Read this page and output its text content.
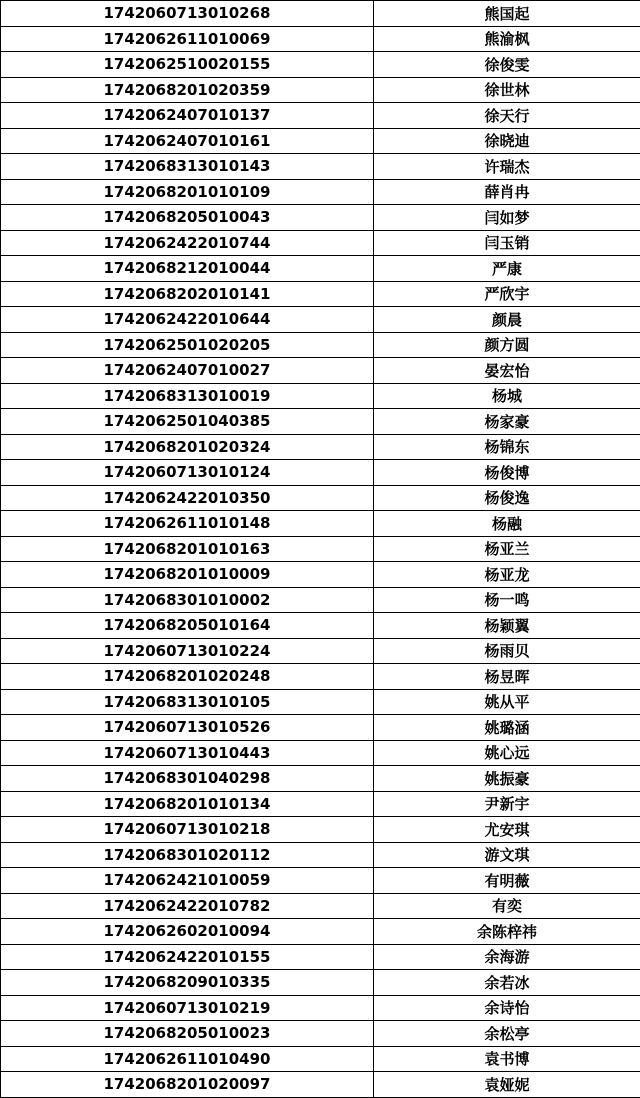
1742060713010268	熊国起
1742062611010069	熊渝枫
1742062510020155	徐俊雯
1742068201020359	徐世林
1742062407010137	徐天行
1742062407010161	徐晓迪
1742068313010143	许瑞杰
1742068201010109	薛肖冉
1742068205010043	闫如梦
1742062422010744	闫玉销
1742068212010044	严康
1742068202010141	严欣宇
1742062422010644	颜晨
1742062501020205	颜方圆
1742062407010027	晏宏怡
1742068313010019	杨城
1742062501040385	杨家豪
1742068201020324	杨锦东
1742060713010124	杨俊博
1742062422010350	杨俊逸
1742062611010148	杨融
1742068201010163	杨亚兰
1742068201010009	杨亚龙
1742068301010002	杨一鸣
1742068205010164	杨颖翼
1742060713010224	杨雨贝
1742068201020248	杨昱晖
1742068313010105	姚从平
1742060713010526	姚璐涵
1742060713010443	姚心远
1742068301040298	姚振豪
1742068201010134	尹新宇
1742060713010218	尤安琪
1742068301020112	游文琪
1742062421010059	有明薇
1742062422010782	有奕
1742062602010094	余陈梓祎
1742062422010155	余海游
1742068209010335	余若冰
1742060713010219	余诗怡
1742068205010023	余松亭
1742062611010490	袁书博
1742068201020097	袁娅妮
